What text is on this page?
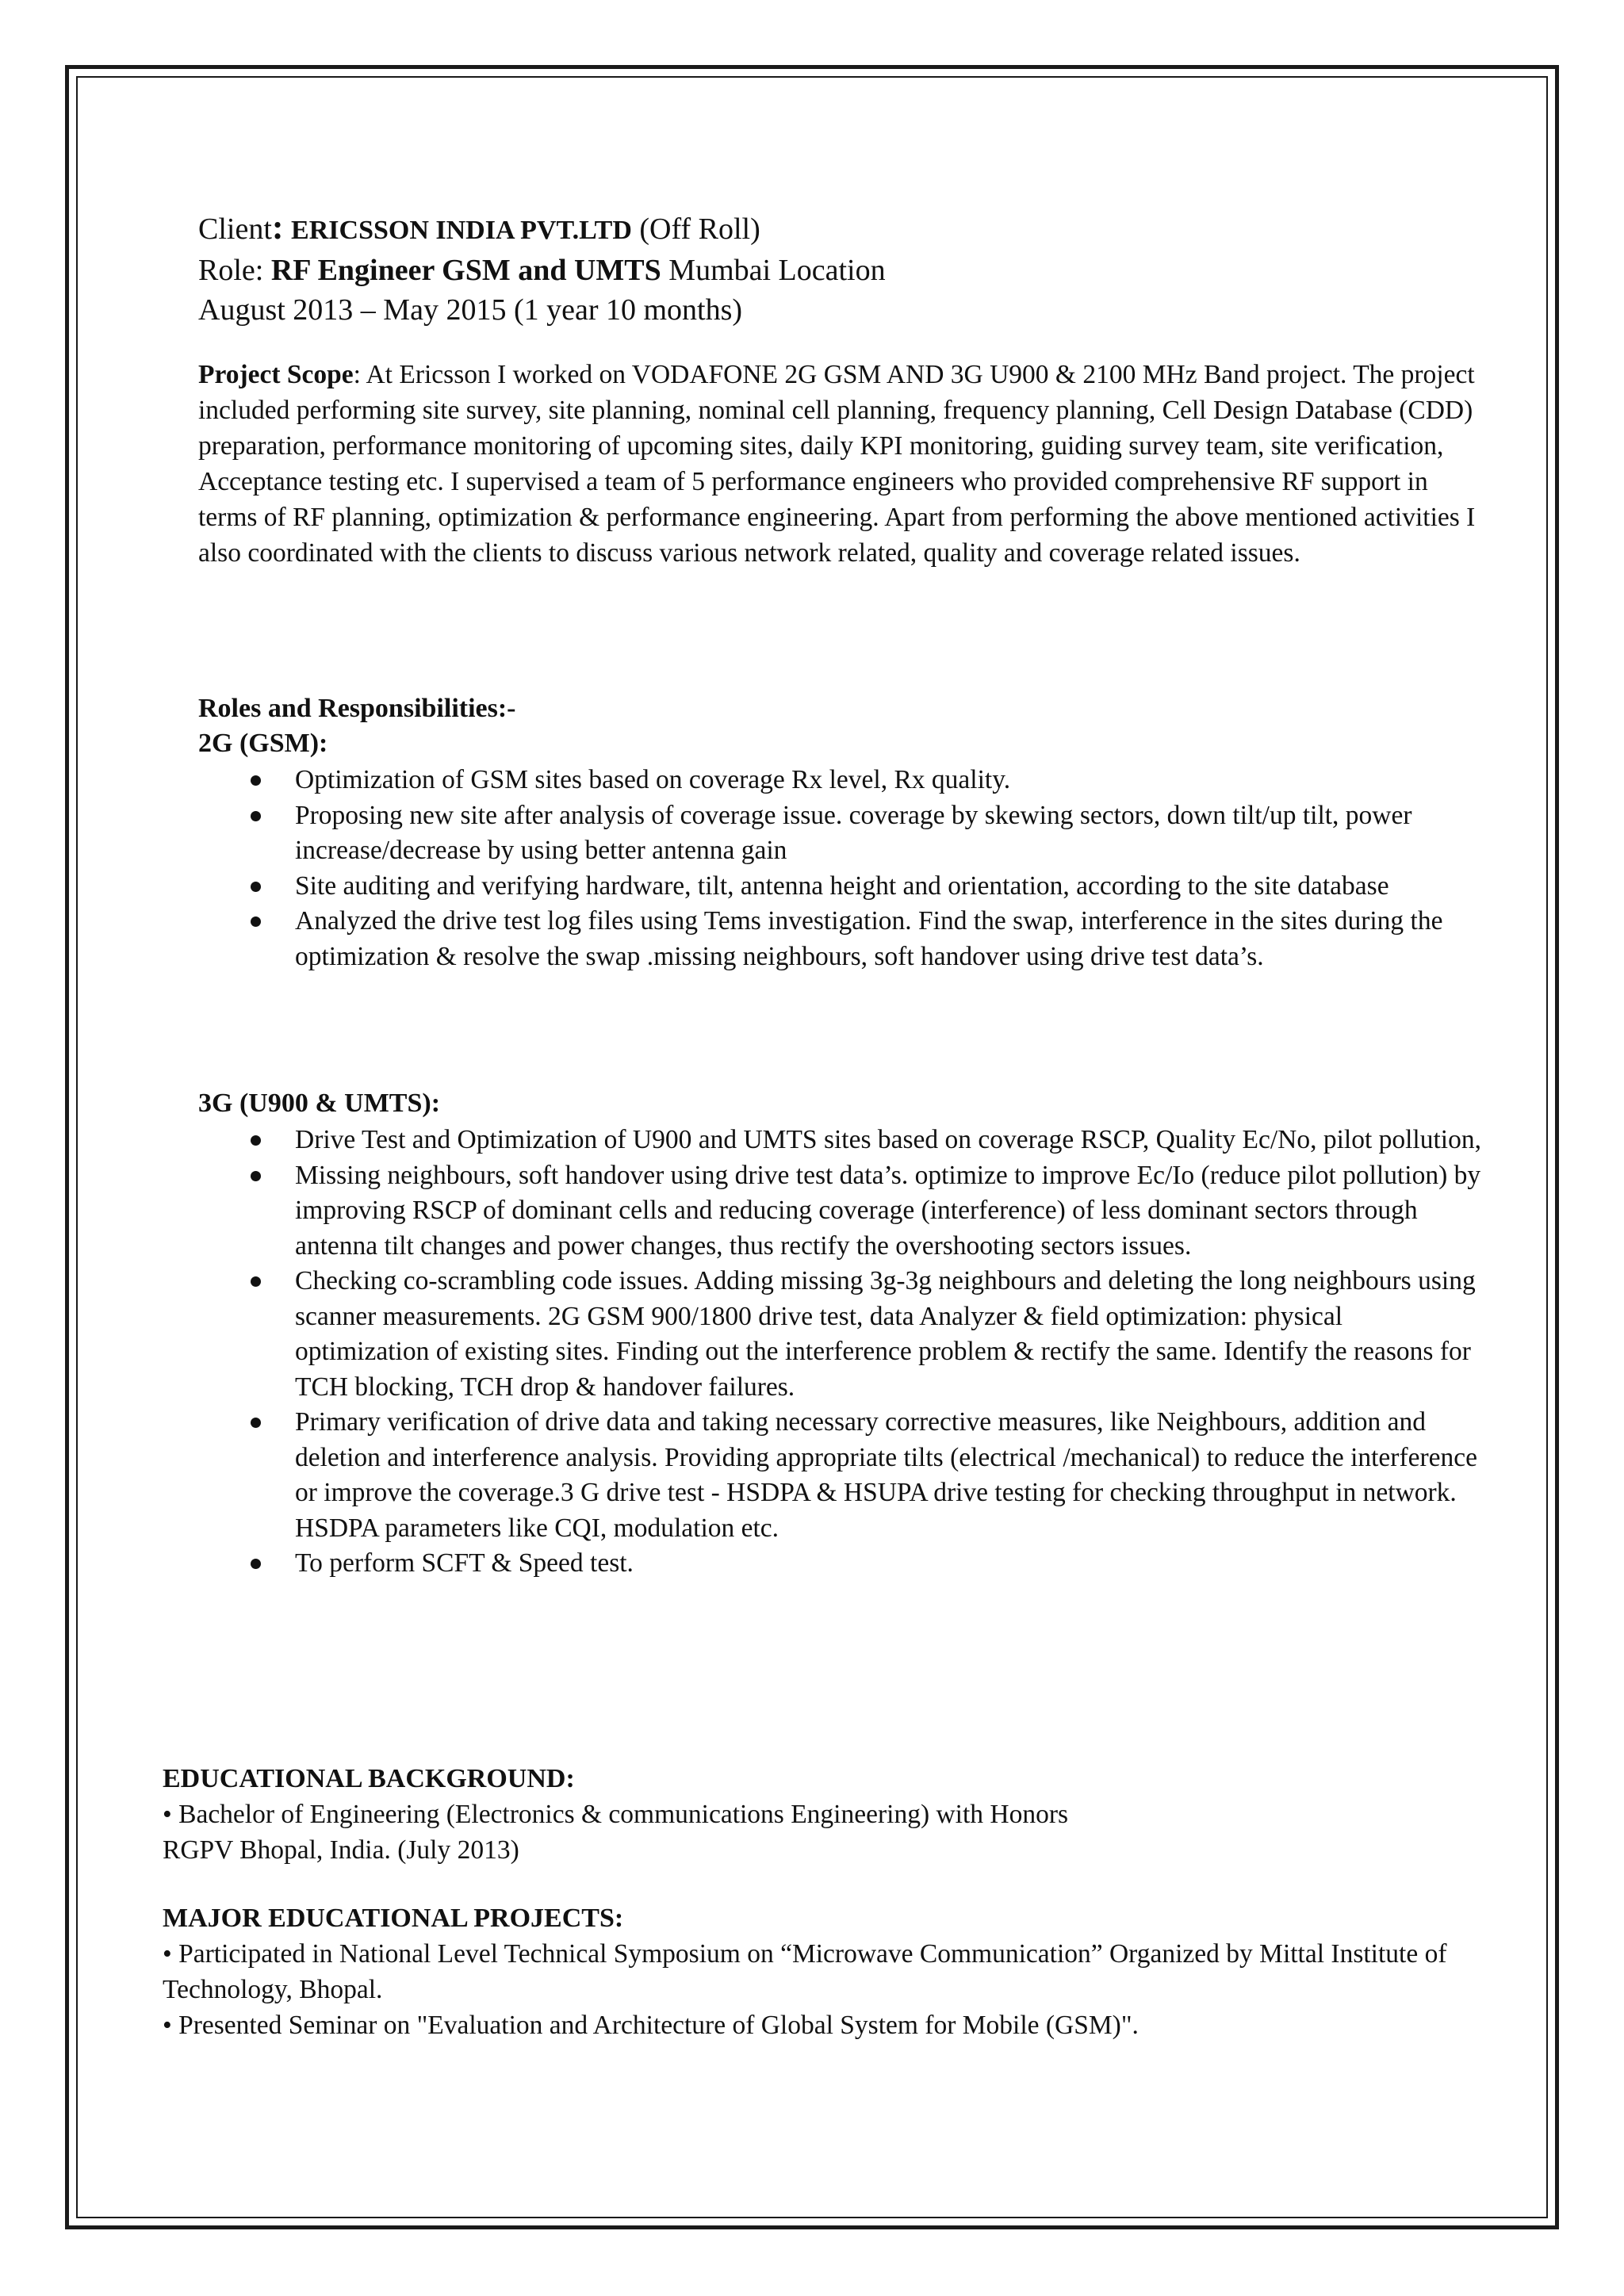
Client: ERICSSON INDIA PVT.LTD (Off Roll)
Role: RF Engineer GSM and UMTS Mumbai Location
August 2013 – May 2015 (1 year 10 months)
Project Scope: At Ericsson I worked on VODAFONE 2G GSM AND 3G U900 & 2100 MHz Band project. The project included performing site survey, site planning, nominal cell planning, frequency planning, Cell Design Database (CDD) preparation, performance monitoring of upcoming sites, daily KPI monitoring, guiding survey team, site verification, Acceptance testing etc. I supervised a team of 5 performance engineers who provided comprehensive RF support in terms of RF planning, optimization & performance engineering. Apart from performing the above mentioned activities I also coordinated with the clients to discuss various network related, quality and coverage related issues.
Roles and Responsibilities:-
2G (GSM):
Optimization of GSM sites based on coverage Rx level, Rx quality.
Proposing new site after analysis of coverage issue. coverage by skewing sectors, down tilt/up tilt, power increase/decrease by using better antenna gain
Site auditing and verifying hardware, tilt, antenna height and orientation, according to the site database
Analyzed the drive test log files using Tems investigation. Find the swap, interference in the sites during the optimization & resolve the swap .missing neighbours, soft handover using drive test data’s.
3G (U900 & UMTS):
Drive Test and Optimization of U900 and UMTS sites based on coverage RSCP, Quality Ec/No, pilot pollution,
Missing neighbours, soft handover using drive test data’s. optimize to improve Ec/Io (reduce pilot pollution) by improving RSCP of dominant cells and reducing coverage (interference) of less dominant sectors through antenna tilt changes and power changes, thus rectify the overshooting sectors issues.
Checking co-scrambling code issues. Adding missing 3g-3g neighbours and deleting the long neighbours using scanner measurements. 2G GSM 900/1800 drive test, data Analyzer & field optimization: physical optimization of existing sites. Finding out the interference problem & rectify the same. Identify the reasons for TCH blocking, TCH drop & handover failures.
Primary verification of drive data and taking necessary corrective measures, like Neighbours, addition and deletion and interference analysis. Providing appropriate tilts (electrical /mechanical) to reduce the interference or improve the coverage.3 G drive test - HSDPA & HSUPA drive testing for checking throughput in network. HSDPA parameters like CQI, modulation etc.
To perform SCFT & Speed test.
EDUCATIONAL BACKGROUND:
• Bachelor of Engineering (Electronics & communications Engineering) with Honors
RGPV Bhopal, India. (July 2013)
MAJOR EDUCATIONAL PROJECTS:
• Participated in National Level Technical Symposium on “Microwave Communication” Organized by Mittal Institute of Technology, Bhopal.
• Presented Seminar on "Evaluation and Architecture of Global System for Mobile (GSM)".
